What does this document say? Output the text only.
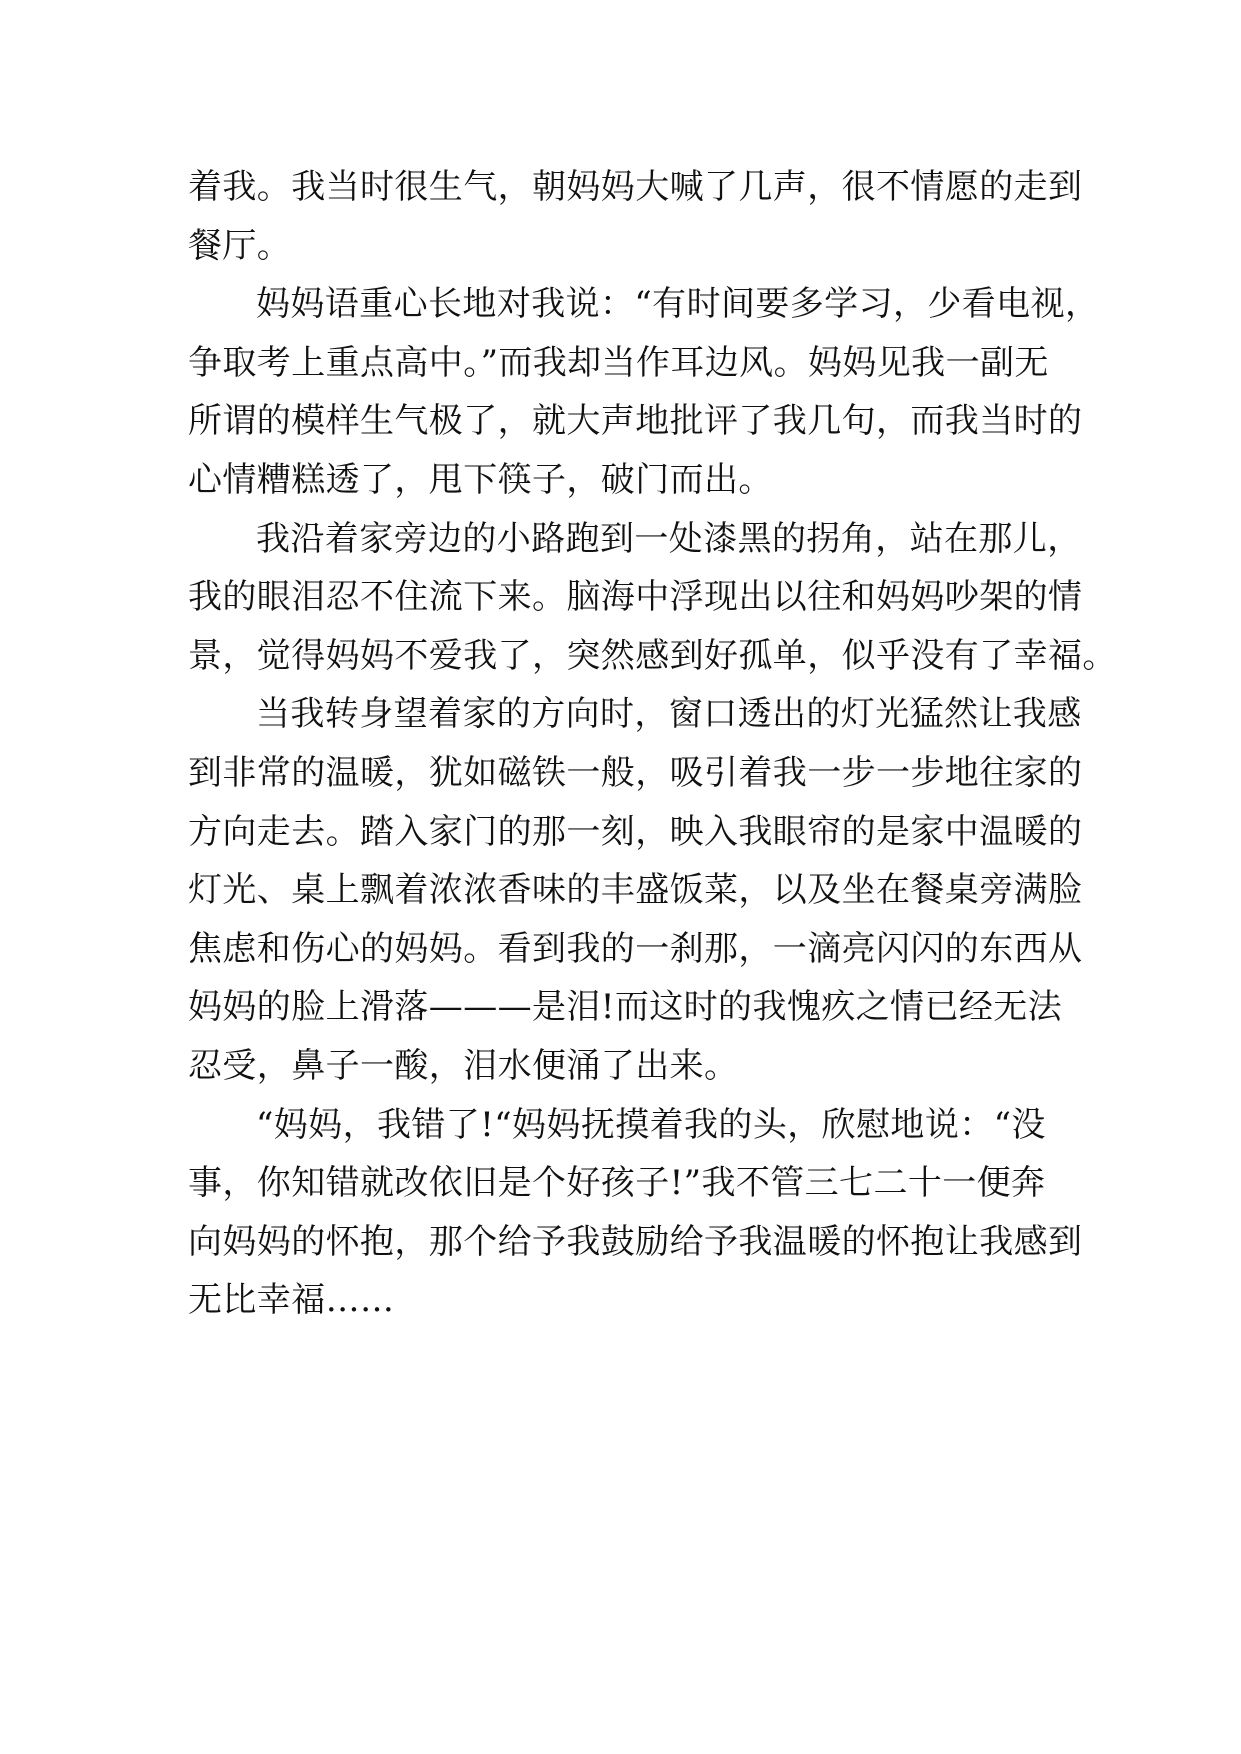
着我。我当时很生气，朝妈妈大喊了几声，很不情愿的走到
餐厅。
妈妈语重心长地对我说：“有时间要多学习，少看电视，
争取考上重点高中。”而我却当作耳边风。妈妈见我一副无
所谓的模样生气极了，就大声地批评了我几句，而我当时的
心情糟糕透了，甩下筷子，破门而出。
我沿着家旁边的小路跑到一处漆黑的拐角，站在那儿，
我的眼泪忍不住流下来。脑海中浮现出以往和妈妈吵架的情
景，觉得妈妈不爱我了，突然感到好孤单，似乎没有了幸福。
当我转身望着家的方向时，窗口透出的灯光猛然让我感
到非常的温暖，犹如磁铁一般，吸引着我一步一步地往家的
方向走去。踏入家门的那一刻，映入我眼帘的是家中温暖的
灯光、桌上飘着浓浓香味的丰盛饭菜，以及坐在餐桌旁满脸
焦虑和伤心的妈妈。看到我的一刹那，一滴亮闪闪的东西从
妈妈的脸上滑落———是泪!而这时的我愧疚之情已经无法
忍受，鼻子一酸，泪水便涌了出来。
“妈妈，我错了!“妈妈抚摸着我的头，欣慰地说：“没
事，你知错就改依旧是个好孩子!”我不管三七二十一便奔
向妈妈的怀抱，那个给予我鼓励给予我温暖的怀抱让我感到
无比幸福……
